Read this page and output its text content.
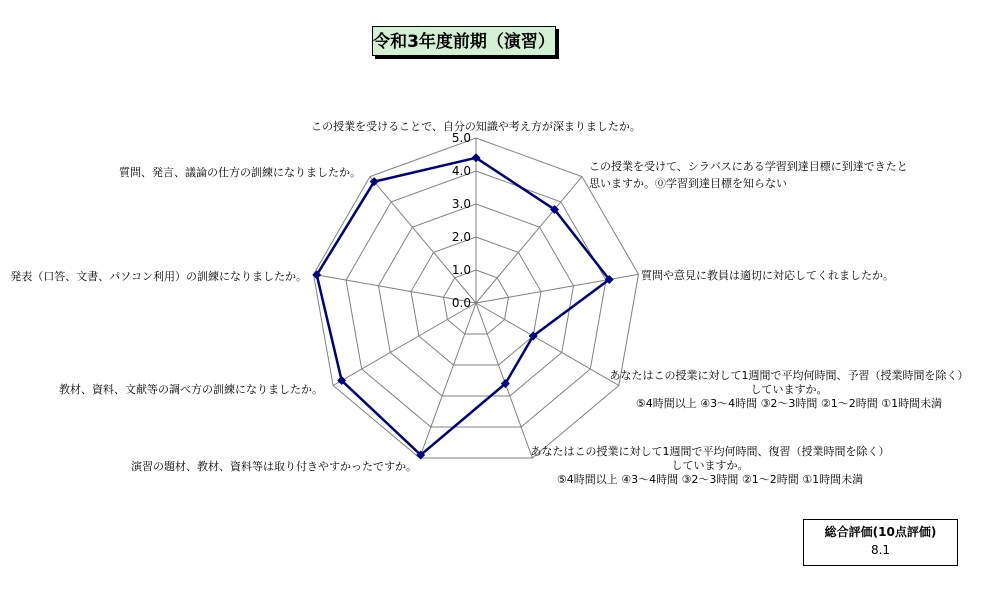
令和3年度前期（演習）
0.0
1.0
2.0
3.0
4.0
5.0
この授業を受けることで、自分の知識や考え方が深まりましたか。
この授業を受けて、シラバスにある学習到達目標に到達できたと
思いますか。⓪学習到達目標を知らない
質問や意見に教員は適切に対応してくれましたか。
あなたはこの授業に対して1週間で平均何時間、予習（授業時間を除く）
していますか。
⑤4時間以上 ④3〜4時間 ③2〜3時間 ②1〜2時間 ①1時間未満
あなたはこの授業に対して1週間で平均何時間、復習（授業時間を除く）
していますか。
⑤4時間以上 ④3〜4時間 ③2〜3時間 ②1〜2時間 ①1時間未満
演習の題材、教材、資料等は取り付きやすかったですか。
教材、資料、文献等の調べ方の訓練になりましたか。
発表（口答、文書、パソコン利用）の訓練になりましたか。
質問、発言、議論の仕方の訓練になりましたか。
総合評価(10点評価)
8.1
